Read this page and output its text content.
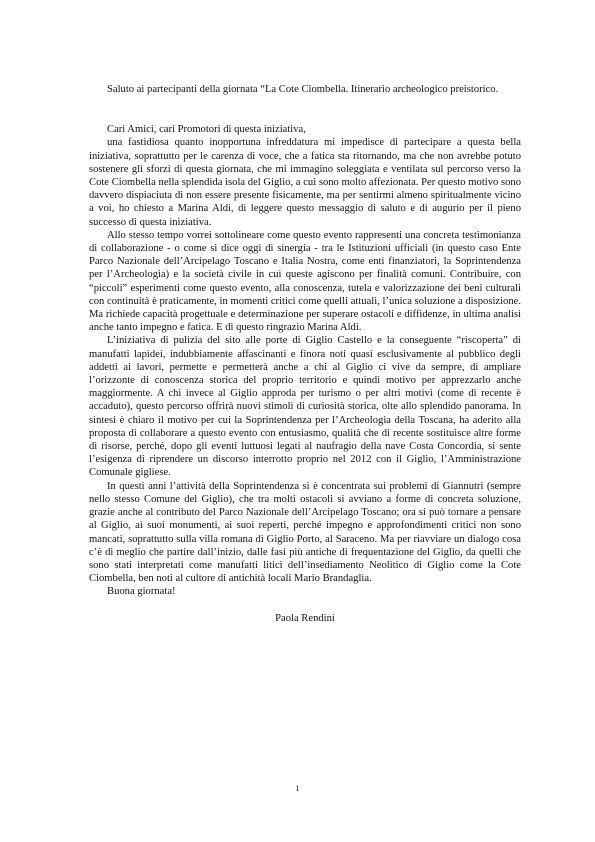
Saluto ai partecipanti della giornata “La Cote Ciombella. Itinerario archeologico preistorico.

Cari Amici, cari Promotori di questa iniziativa,

una fastidiosa quanto inopportuna infreddatura mi impedisce di partecipare a questa bella iniziativa, soprattutto per le carenza di voce, che a fatica sta ritornando, ma che non avrebbe potuto sostenere gli sforzi di questa giornata, che mi immagino soleggiata e ventilata sul percorso verso la Cote Ciombella nella splendida isola del Giglio, a cui sono molto affezionata. Per questo motivo sono davvero dispiaciuta di non essere presente fisicamente, ma per sentirmi almeno spiritualmente vicino a voi, ho chiesto a Marina Aldi, di leggere questo messaggio di saluto e di augurio per il pieno successo di questa iniziativa.

Allo stesso tempo vorrei sottolineare come questo evento rappresenti una concreta testimonianza di collaborazione - o come si dice oggi di sinergia - tra le Istituzioni ufficiali (in questo caso Ente Parco Nazionale dell’Arcipelago Toscano e Italia Nostra, come enti finanziatori, la Soprintendenza per l’Archeologia) e la società civile in cui queste agiscono per finalità comuni. Contribuire, con “piccoli” esperimenti come questo evento, alla conoscenza, tutela e valorizzazione dei beni culturali con continuità è praticamente, in momenti critici come quelli attuali, l’unica soluzione a disposizione. Ma richiede capacità progettuale e determinazione per superare ostacoli e diffidenze, in ultima analisi anche tanto impegno e fatica. E di questo ringrazio Marina Aldi.

L’iniziativa di pulizia del sito alle porte di Giglio Castello e la conseguente “riscoperta” di manufatti lapidei, indubbiamente affascinanti e finora noti quasi esclusivamente al pubblico degli addetti ai lavori, permette e permetterà anche a chi al Giglio ci vive da sempre, di ampliare l’orizzonte di conoscenza storica del proprio territorio e quindi motivo per apprezzarlo anche maggiormente. A chi invece al Giglio approda per turismo o per altri motivi (come di recente è accaduto), questo percorso offrirà nuovi stimoli di curiosità storica, olte allo splendido panorama. In sintesi è chiaro il motivo per cui la Soprintendenza per l’Archeologia della Toscana, ha aderito alla proposta di collaborare a questo evento con entusiasmo, qualità che di recente sostituisce altre forme di risorse, perché, dopo gli eventi luttuosi legati al naufragio della nave Costa Concordia, si sente l’esigenza di riprendere un discorso interrotto proprio nel 2012 con il Giglio, l’Amministrazione Comunale gigliese.

In questi anni l’attività della Soprintendenza si è concentrata sui problemi di Giannutri (sempre nello stesso Comune del Giglio), che tra molti ostacoli si avviano a forme di concreta soluzione, grazie anche al contributo del Parco Nazionale dell’Arcipelago Toscano; ora si può tornare a pensare al Giglio, ai suoi monumenti, ai suoi reperti, perché impegno e approfondimenti critici non sono mancati, soprattutto sulla villa romana di Giglio Porto, al Saraceno. Ma per riavviare un dialogo cosa c’è di meglio che partire dall’inizio, dalle fasi più antiche di frequentazione del Giglio, da quelli che sono stati interpretati come manufatti litici dell’insediamento Neolitico di Giglio come la Cote Ciombella, ben noti al cultore di antichità locali Mario Brandaglia.

Buona giornata!

Paola Rendini

1
